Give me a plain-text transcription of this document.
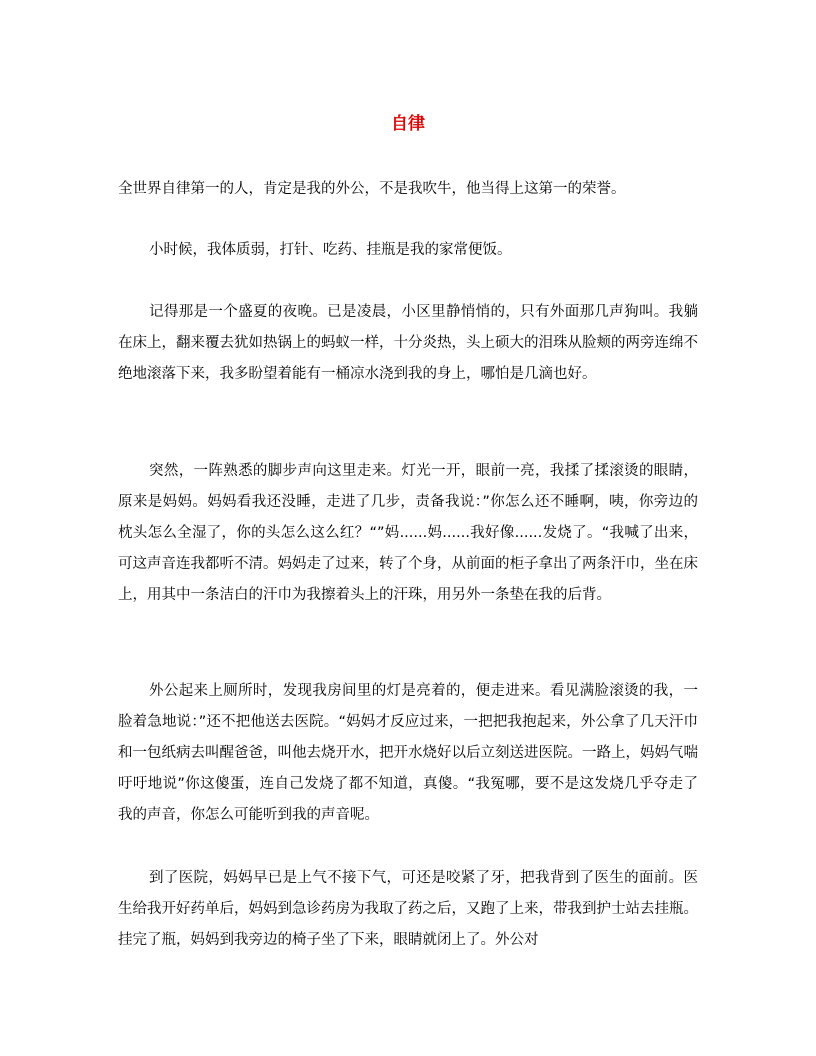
自律

全世界自律第一的人，肯定是我的外公，不是我吹牛，他当得上这第一的荣誉。

小时候，我体质弱，打针、吃药、挂瓶是我的家常便饭。

记得那是一个盛夏的夜晚。已是凌晨，小区里静悄悄的，只有外面那几声狗叫。我躺在床上，翻来覆去犹如热锅上的蚂蚁一样，十分炎热，头上硕大的泪珠从脸颊的两旁连绵不绝地滚落下来，我多盼望着能有一桶凉水浇到我的身上，哪怕是几滴也好。

突然，一阵熟悉的脚步声向这里走来。灯光一开，眼前一亮，我揉了揉滚烫的眼睛，原来是妈妈。妈妈看我还没睡，走进了几步，责备我说：”你怎么还不睡啊，咦，你旁边的枕头怎么全湿了，你的头怎么这么红？“”妈......妈......我好像......发烧了。“我喊了出来，可这声音连我都听不清。妈妈走了过来，转了个身，从前面的柜子拿出了两条汗巾，坐在床上，用其中一条洁白的汗巾为我擦着头上的汗珠，用另外一条垫在我的后背。

外公起来上厕所时，发现我房间里的灯是亮着的，便走进来。看见满脸滚烫的我，一脸着急地说：”还不把他送去医院。“妈妈才反应过来，一把把我抱起来，外公拿了几天汗巾和一包纸病去叫醒爸爸，叫他去烧开水，把开水烧好以后立刻送进医院。一路上，妈妈气喘吁吁地说”你这傻蛋，连自己发烧了都不知道，真傻。“我冤哪，要不是这发烧几乎夺走了我的声音，你怎么可能听到我的声音呢。

到了医院，妈妈早已是上气不接下气，可还是咬紧了牙，把我背到了医生的面前。医生给我开好药单后，妈妈到急诊药房为我取了药之后，又跑了上来，带我到护士站去挂瓶。挂完了瓶，妈妈到我旁边的椅子坐了下来，眼睛就闭上了。外公对
